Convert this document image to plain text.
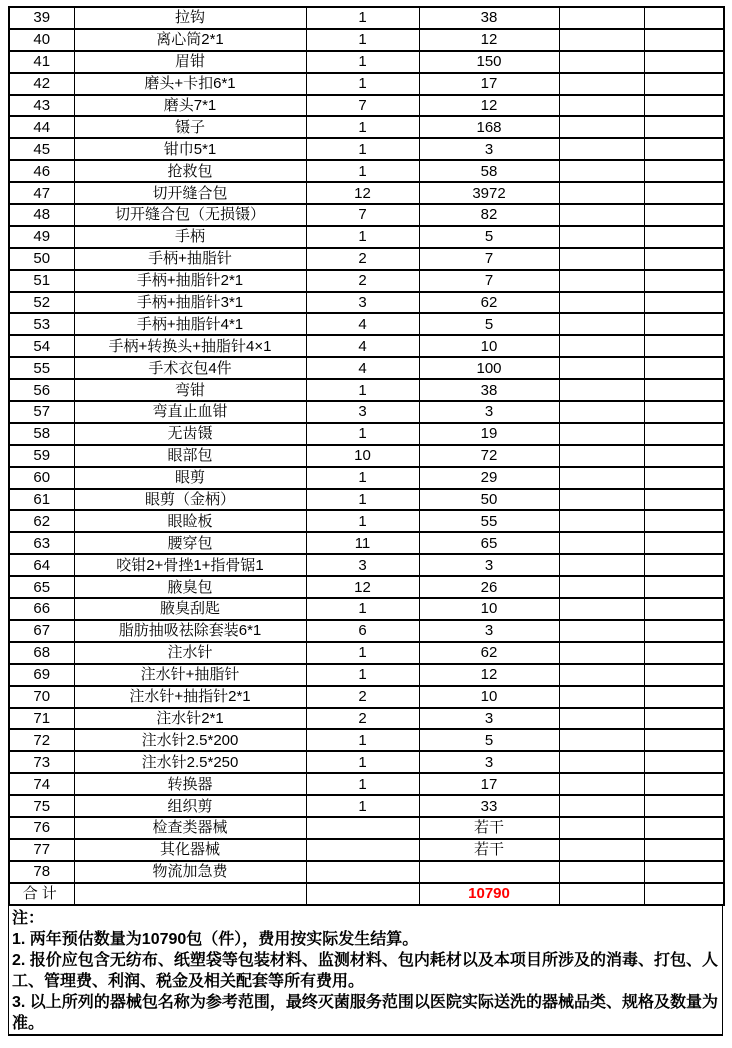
39	拉钩	1	38		
40	离心筒2*1	1	12		
41	眉钳	1	150		
42	磨头+卡扣6*1	1	17		
43	磨头7*1	7	12		
44	镊子	1	168		
45	钳巾5*1	1	3		
46	抢救包	1	58		
47	切开缝合包	12	3972		
48	切开缝合包（无损镊）	7	82		
49	手柄	1	5		
50	手柄+抽脂针	2	7		
51	手柄+抽脂针2*1	2	7		
52	手柄+抽脂针3*1	3	62		
53	手柄+抽脂针4*1	4	5		
54	手柄+转换头+抽脂针4×1	4	10		
55	手术衣包4件	4	100		
56	弯钳	1	38		
57	弯直止血钳	3	3		
58	无齿镊	1	19		
59	眼部包	10	72		
60	眼剪	1	29		
61	眼剪（金柄）	1	50		
62	眼睑板	1	55		
63	腰穿包	11	65		
64	咬钳2+骨挫1+指骨锯1	3	3		
65	腋臭包	12	26		
66	腋臭刮匙	1	10		
67	脂肪抽吸祛除套装6*1	6	3		
68	注水针	1	62		
69	注水针+抽脂针	1	12		
70	注水针+抽指针2*1	2	10		
71	注水针2*1	2	3		
72	注水针2.5*200	1	5		
73	注水针2.5*250	1	3		
74	转换器	1	17		
75	组织剪	1	33		
76	检查类器械		若干		
77	其化器械		若干		
78	物流加急费				
合计			10790		

注：

1. 两年预估数量为10790包（件），费用按实际发生结算。

2. 报价应包含无纺布、纸塑袋等包装材料、监测材料、包内耗材以及本项目所涉及的消毒、打包、人工、管理费、利润、税金及相关配套等所有费用。

3. 以上所列的器械包名称为参考范围，最终灭菌服务范围以医院实际送洗的器械品类、规格及数量为准。
